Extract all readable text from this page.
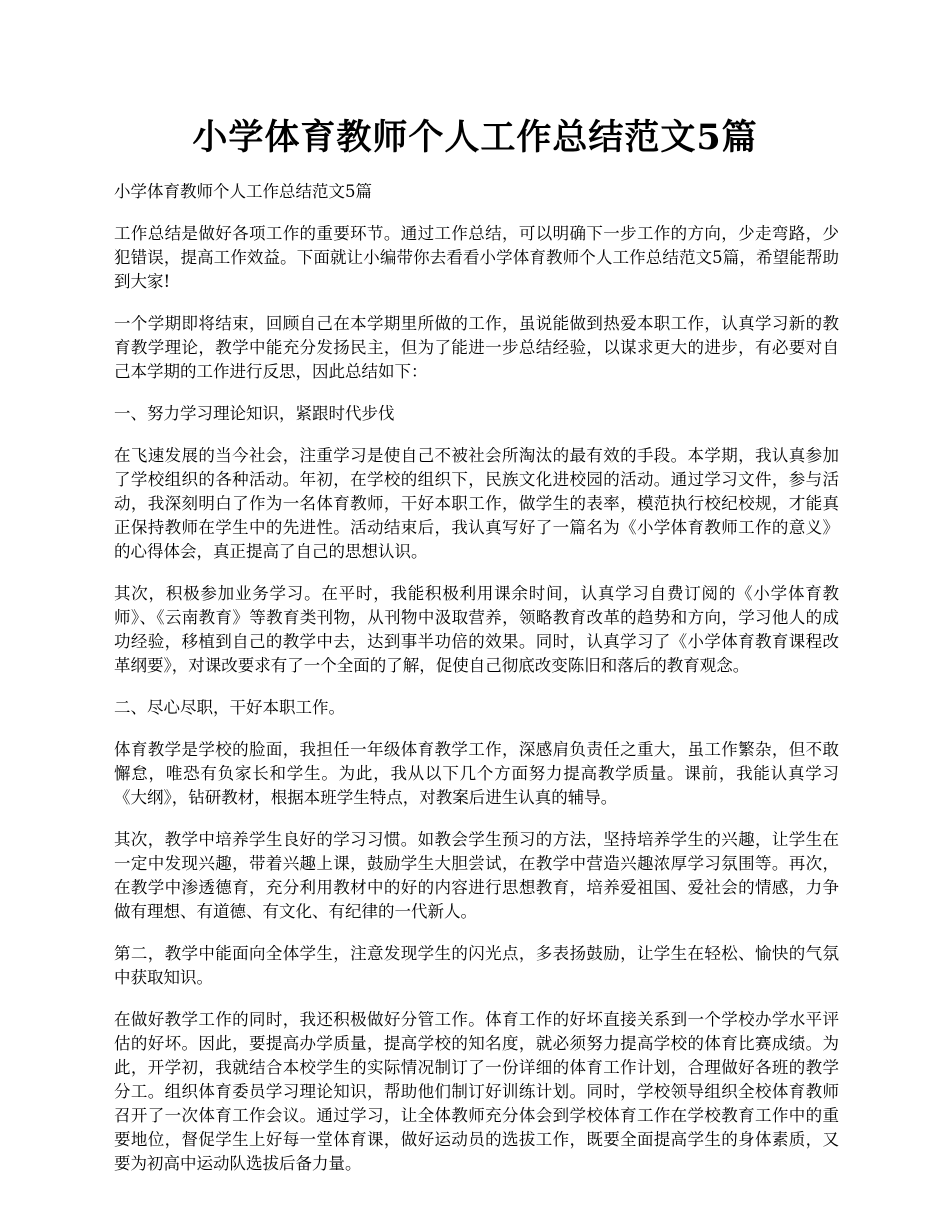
小学体育教师个人工作总结范文5篇

小学体育教师个人工作总结范文5篇

工作总结是做好各项工作的重要环节。通过工作总结，可以明确下一步工作的方向，少走弯路，少犯错误，提高工作效益。下面就让小编带你去看看小学体育教师个人工作总结范文5篇，希望能帮助到大家!

一个学期即将结束，回顾自己在本学期里所做的工作，虽说能做到热爱本职工作，认真学习新的教育教学理论，教学中能充分发扬民主，但为了能进一步总结经验，以谋求更大的进步，有必要对自己本学期的工作进行反思，因此总结如下：

一、努力学习理论知识，紧跟时代步伐

在飞速发展的当今社会，注重学习是使自己不被社会所淘汰的最有效的手段。本学期，我认真参加了学校组织的各种活动。年初，在学校的组织下，民族文化进校园的活动。通过学习文件，参与活动，我深刻明白了作为一名体育教师，干好本职工作，做学生的表率，模范执行校纪校规，才能真正保持教师在学生中的先进性。活动结束后，我认真写好了一篇名为《小学体育教师工作的意义》的心得体会，真正提高了自己的思想认识。

其次，积极参加业务学习。在平时，我能积极利用课余时间，认真学习自费订阅的《小学体育教师》、《云南教育》等教育类刊物，从刊物中汲取营养，领略教育改革的趋势和方向，学习他人的成功经验，移植到自己的教学中去，达到事半功倍的效果。同时，认真学习了《小学体育教育课程改革纲要》，对课改要求有了一个全面的了解，促使自己彻底改变陈旧和落后的教育观念。

二、尽心尽职，干好本职工作。

体育教学是学校的脸面，我担任一年级体育教学工作，深感肩负责任之重大，虽工作繁杂，但不敢懈怠，唯恐有负家长和学生。为此，我从以下几个方面努力提高教学质量。课前，我能认真学习《大纲》，钻研教材，根据本班学生特点，对教案后进生认真的辅导。

其次，教学中培养学生良好的学习习惯。如教会学生预习的方法，坚持培养学生的兴趣，让学生在一定中发现兴趣，带着兴趣上课，鼓励学生大胆尝试，在教学中营造兴趣浓厚学习氛围等。再次，在教学中渗透德育，充分利用教材中的好的内容进行思想教育，培养爱祖国、爱社会的情感，力争做有理想、有道德、有文化、有纪律的一代新人。

第二，教学中能面向全体学生，注意发现学生的闪光点，多表扬鼓励，让学生在轻松、愉快的气氛中获取知识。

在做好教学工作的同时，我还积极做好分管工作。体育工作的好坏直接关系到一个学校办学水平评估的好坏。因此，要提高办学质量，提高学校的知名度，就必须努力提高学校的体育比赛成绩。为此，开学初，我就结合本校学生的实际情况制订了一份详细的体育工作计划，合理做好各班的教学分工。组织体育委员学习理论知识，帮助他们制订好训练计划。同时，学校领导组织全校体育教师召开了一次体育工作会议。通过学习，让全体教师充分体会到学校体育工作在学校教育工作中的重要地位，督促学生上好每一堂体育课，做好运动员的选拔工作，既要全面提高学生的身体素质，又要为初高中运动队选拔后备力量。
